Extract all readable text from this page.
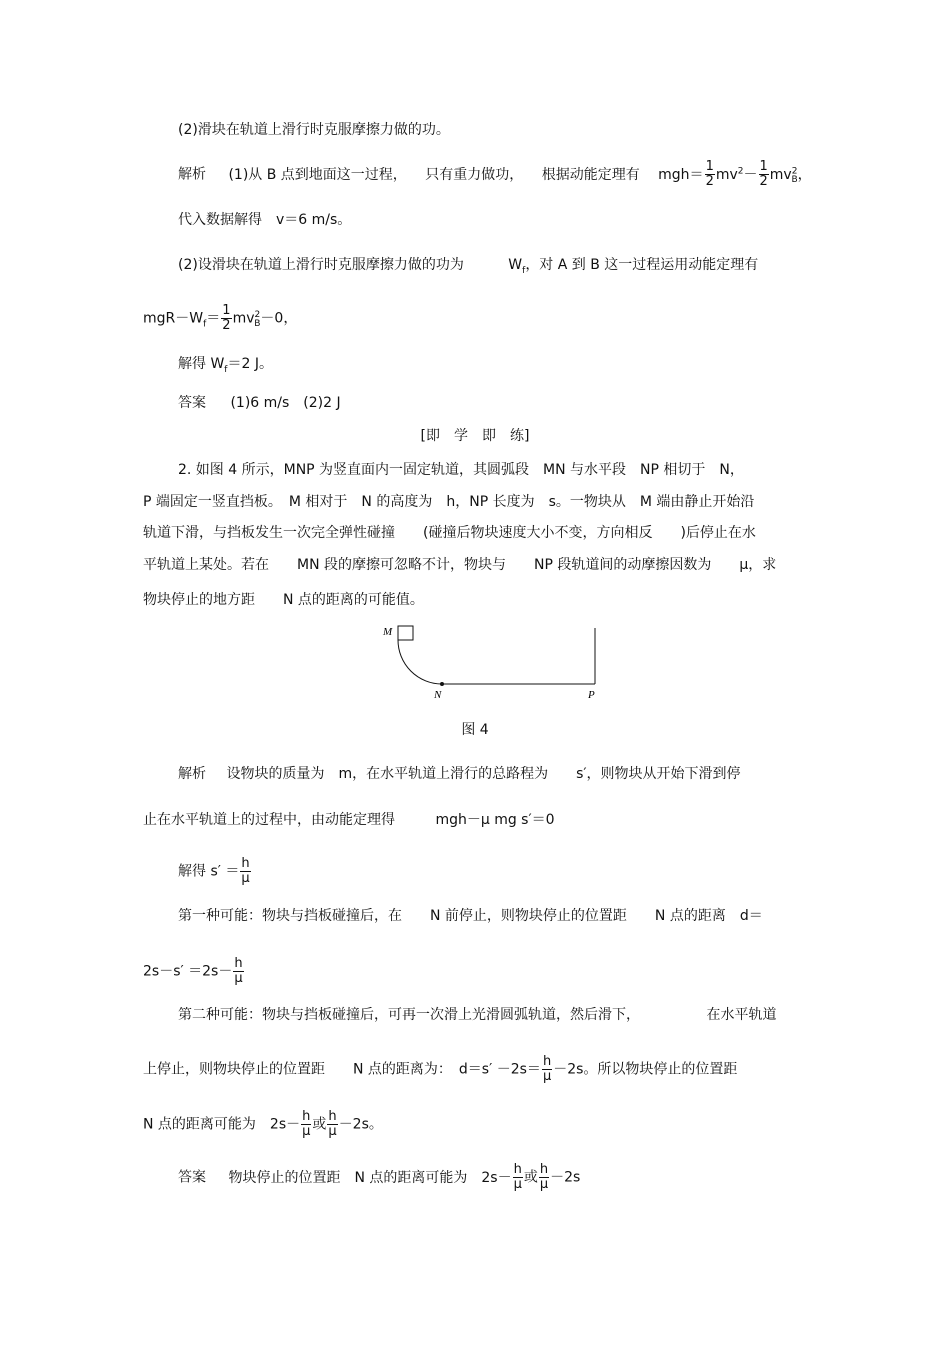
(2)滑块在轨道上滑行时克服摩擦力做的功。
解析 (1)从 B 点到地面这一过程， 只有重力做功， 根据动能定理有 $mgh= \frac{1}{2} mv^2- \frac{1}{2} mv^2_B$，
代入数据解得　v＝6 m/s。
(2)设滑块在轨道上滑行时克服摩擦力做的功为	$W_f$，对 A 到 B 这一过程运用动能定理有
$mgR-W_f= \frac{1}{2} mv^2_B-0$，
解得 $W_f=2$ J。
答案 (1)6 m/s　(2)2 J
[即　学　即　练]
2. 如图 4 所示，MNP 为竖直面内一固定轨道，其圆弧段　MN 与水平段　NP 相切于　N，
P 端固定一竖直挡板。　M 相对于　N 的高度为　h，NP 长度为　s。一物块从　M 端由静止开始沿
轨道下滑，与挡板发生一次完全弹性碰撞　　(碰撞后物块速度大小不变，方向相反　　)后停止在水
平轨道上某处。若在　　MN 段的摩擦可忽略不计，物块与　　NP 段轨道间的动摩擦因数为　　μ，求
物块停止的地方距　　N 点的距离的可能值。
M
N	P
图 4
解析 设物块的质量为　m，在水平轨道上滑行的总路程为　　s′，则物块从开始下滑到停
止在水平轨道上的过程中，由动能定理得	mgh－μ mg s′＝0
解得 $s' = \frac{h}{\mu}$
第一种可能：物块与挡板碰撞后，在　　N 前停止，则物块停止的位置距　　N 点的距离　d＝
$2s-s' =2s- \frac{h}{\mu}$
第二种可能：物块与挡板碰撞后，可再一次滑上光滑圆弧轨道，然后滑下，	在水平轨道
上停止，则物块停止的位置距　　N 点的距离为：　$d=s' -2s= \frac{h}{\mu} -2s$。所以物块停止的位置距
N 点的距离可能为　$2s- \frac{h}{\mu}$ 或 $\frac{h}{\mu} -2s$。
答案 物块停止的位置距　N 点的距离可能为　$2s- \frac{h}{\mu}$ 或 $\frac{h}{\mu} -2s$
